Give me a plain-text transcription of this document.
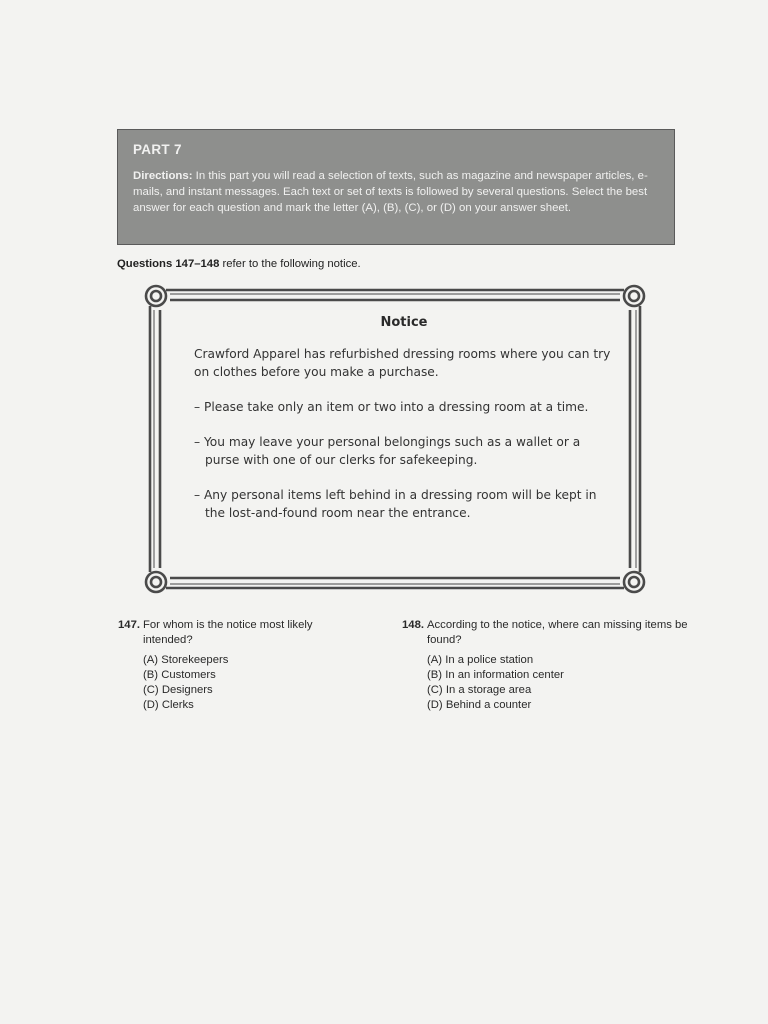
PART 7
Directions: In this part you will read a selection of texts, such as magazine and newspaper articles, e-mails, and instant messages. Each text or set of texts is followed by several questions. Select the best answer for each question and mark the letter (A), (B), (C), or (D) on your answer sheet.
Questions 147–148 refer to the following notice.
Notice

Crawford Apparel has refurbished dressing rooms where you can try on clothes before you make a purchase.

– Please take only an item or two into a dressing room at a time.

– You may leave your personal belongings such as a wallet or a purse with one of our clerks for safekeeping.

– Any personal items left behind in a dressing room will be kept in the lost-and-found room near the entrance.

147. For whom is the notice most likely intended?
(A) Storekeepers
(B) Customers
(C) Designers
(D) Clerks
148. According to the notice, where can missing items be found?
(A) In a police station
(B) In an information center
(C) In a storage area
(D) Behind a counter
